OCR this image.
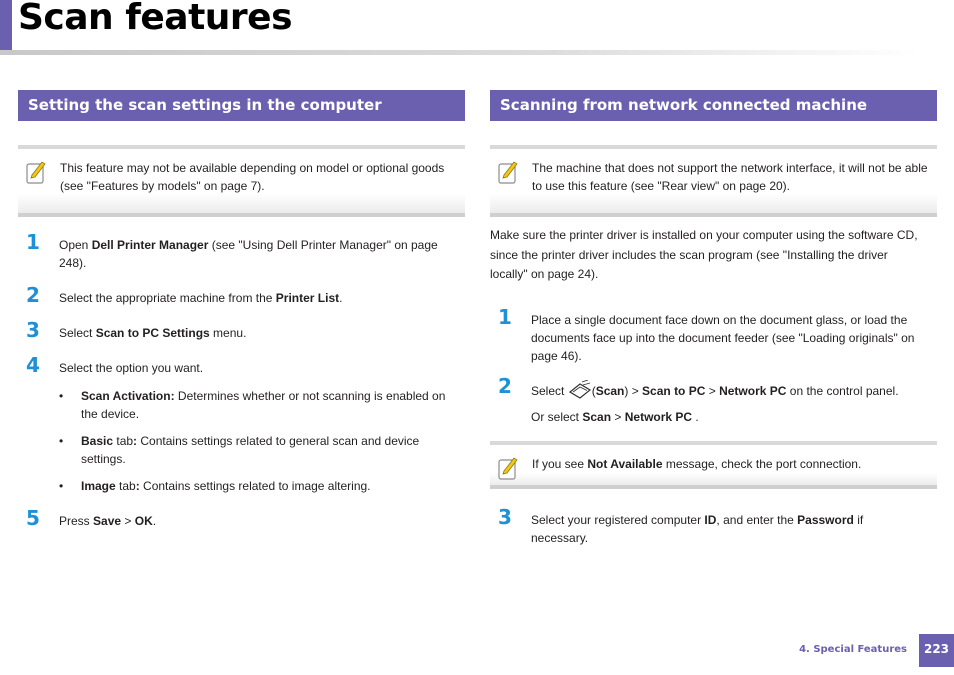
Scan features
Setting the scan settings in the computer
This feature may not be available depending on model or optional goods
(see "Features by models" on page 7).
1 Open Dell Printer Manager (see "Using Dell Printer Manager" on page
248).
2 Select the appropriate machine from the Printer List.
3 Select Scan to PC Settings menu.
4 Select the option you want.
• Scan Activation: Determines whether or not scanning is enabled on
the device.
• Basic tab: Contains settings related to general scan and device
settings.
• Image tab: Contains settings related to image altering.
5 Press Save > OK.
Scanning from network connected machine
The machine that does not support the network interface, it will not be able
to use this feature (see "Rear view" on page 20).
Make sure the printer driver is installed on your computer using the software CD,
since the printer driver includes the scan program (see "Installing the driver
locally" on page 24).
1 Place a single document face down on the document glass, or load the
documents face up into the document feeder (see "Loading originals" on
page 46).
2 Select (Scan) > Scan to PC > Network PC on the control panel.
Or select Scan > Network PC .
If you see Not Available message, check the port connection.
3 Select your registered computer ID, and enter the Password if
necessary.
4. Special Features	223
